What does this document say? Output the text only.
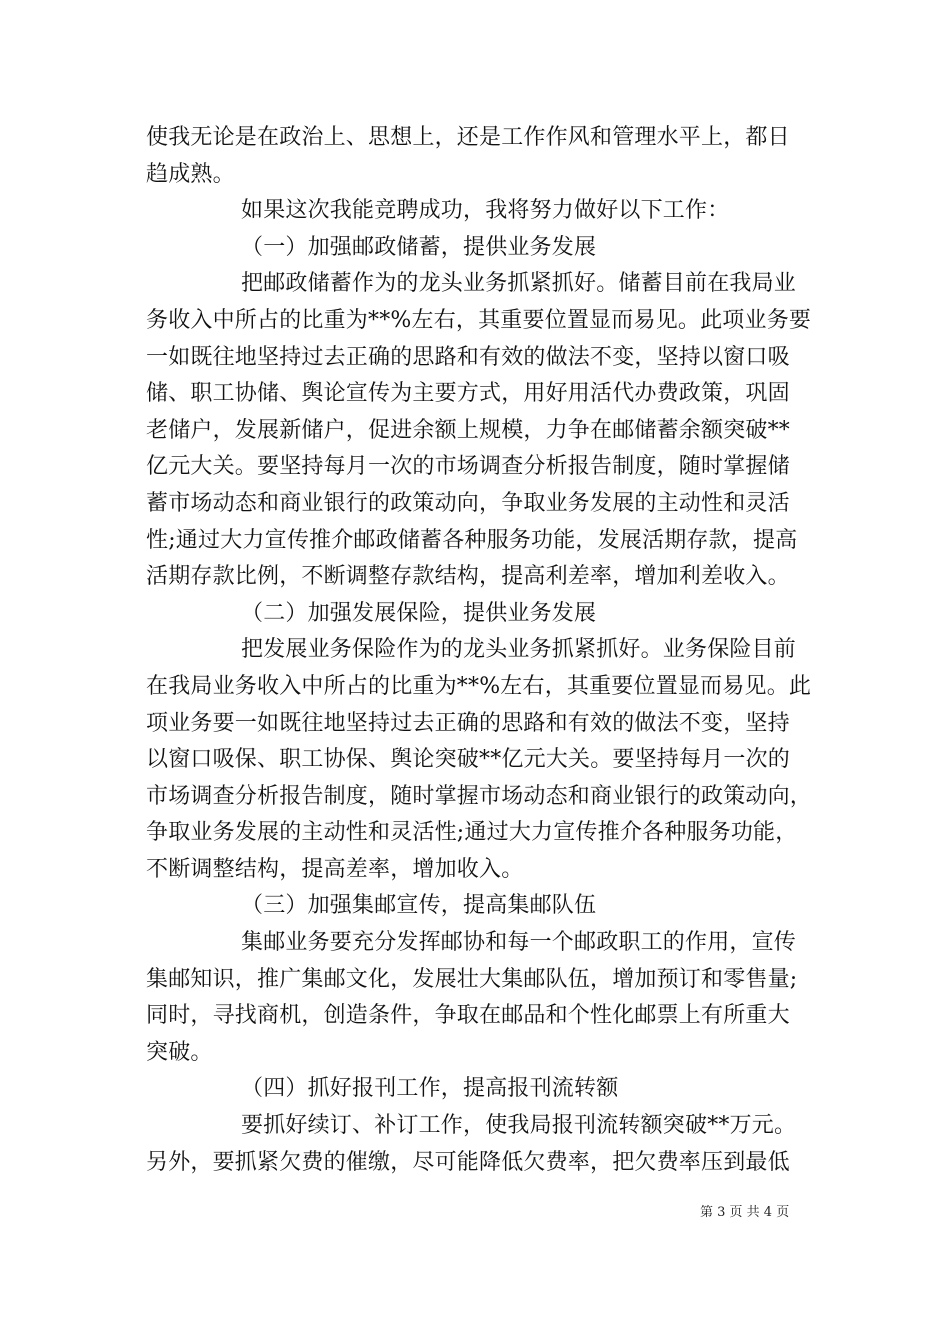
使我无论是在政治上、思想上，还是工作作风和管理水平上，都日
趋成熟。
如果这次我能竞聘成功，我将努力做好以下工作：
（一）加强邮政储蓄，提供业务发展
把邮政储蓄作为的龙头业务抓紧抓好。储蓄目前在我局业
务收入中所占的比重为**%左右，其重要位置显而易见。此项业务要
一如既往地坚持过去正确的思路和有效的做法不变，坚持以窗口吸
储、职工协储、舆论宣传为主要方式，用好用活代办费政策，巩固
老储户，发展新储户，促进余额上规模，力争在邮储蓄余额突破**
亿元大关。要坚持每月一次的市场调查分析报告制度，随时掌握储
蓄市场动态和商业银行的政策动向，争取业务发展的主动性和灵活
性;通过大力宣传推介邮政储蓄各种服务功能，发展活期存款，提高
活期存款比例，不断调整存款结构，提高利差率，增加利差收入。
（二）加强发展保险，提供业务发展
把发展业务保险作为的龙头业务抓紧抓好。业务保险目前
在我局业务收入中所占的比重为**%左右，其重要位置显而易见。此
项业务要一如既往地坚持过去正确的思路和有效的做法不变，坚持
以窗口吸保、职工协保、舆论突破**亿元大关。要坚持每月一次的
市场调查分析报告制度，随时掌握市场动态和商业银行的政策动向，
争取业务发展的主动性和灵活性;通过大力宣传推介各种服务功能，
不断调整结构，提高差率，增加收入。
（三）加强集邮宣传，提高集邮队伍
集邮业务要充分发挥邮协和每一个邮政职工的作用，宣传
集邮知识，推广集邮文化，发展壮大集邮队伍，增加预订和零售量;
同时，寻找商机，创造条件，争取在邮品和个性化邮票上有所重大
突破。
（四）抓好报刊工作，提高报刊流转额
要抓好续订、补订工作，使我局报刊流转额突破**万元。
另外，要抓紧欠费的催缴，尽可能降低欠费率，把欠费率压到最低
第 3 页 共 4 页
